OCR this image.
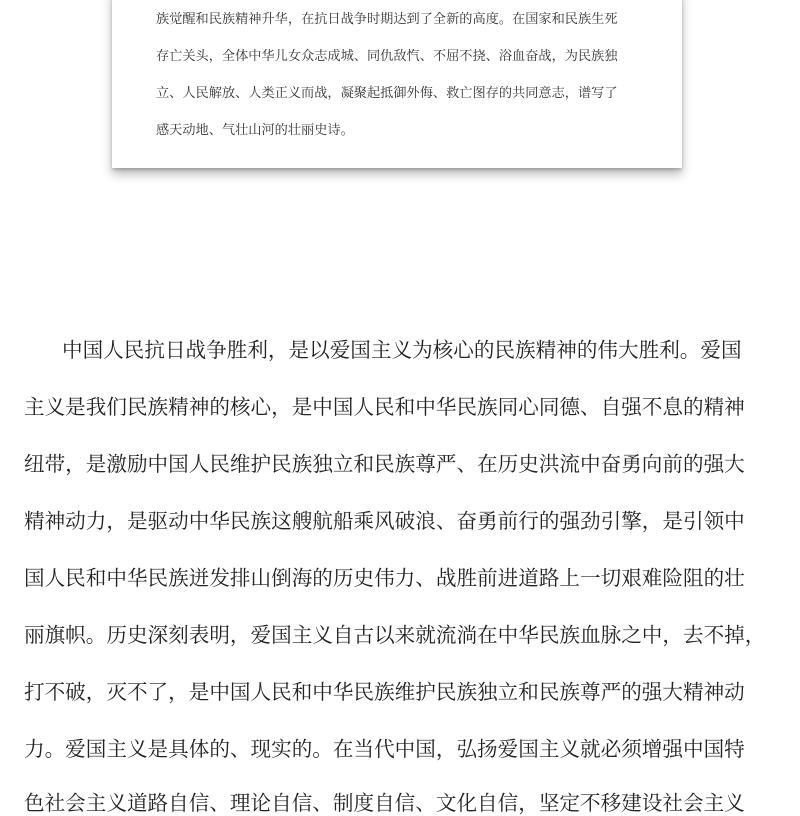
族觉醒和民族精神升华，在抗日战争时期达到了全新的高度。在国家和民族生死

存亡关头，全体中华儿女众志成城、同仇敌忾、不屈不挠、浴血奋战，为民族独

立、人民解放、人类正义而战，凝聚起抵御外侮、救亡图存的共同意志，谱写了

感天动地、气壮山河的壮丽史诗。

中国人民抗日战争胜利，是以爱国主义为核心的民族精神的伟大胜利。爱国

主义是我们民族精神的核心，是中国人民和中华民族同心同德、自强不息的精神

纽带，是激励中国人民维护民族独立和民族尊严、在历史洪流中奋勇向前的强大

精神动力，是驱动中华民族这艘航船乘风破浪、奋勇前行的强劲引擎，是引领中

国人民和中华民族迸发排山倒海的历史伟力、战胜前进道路上一切艰难险阻的壮

丽旗帜。历史深刻表明，爱国主义自古以来就流淌在中华民族血脉之中，去不掉，

打不破，灭不了，是中国人民和中华民族维护民族独立和民族尊严的强大精神动

力。爱国主义是具体的、现实的。在当代中国，弘扬爱国主义就必须增强中国特

色社会主义道路自信、理论自信、制度自信、文化自信，坚定不移建设社会主义
